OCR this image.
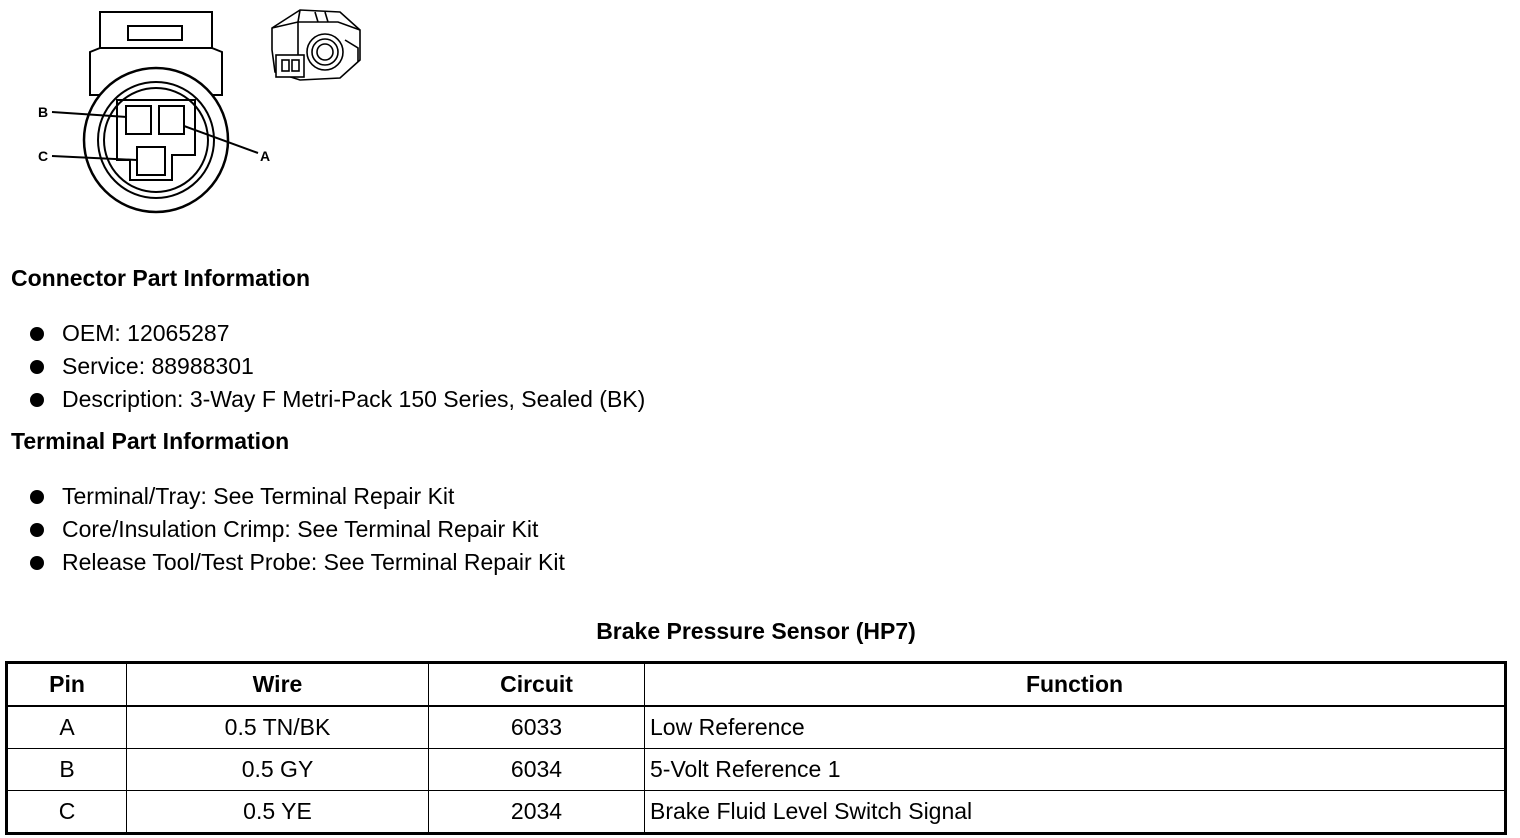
B
C	A
Connector Part Information
OEM: 12065287
Service: 88988301
Description: 3-Way F Metri-Pack 150 Series, Sealed (BK)
Terminal Part Information
Terminal/Tray: See Terminal Repair Kit
Core/Insulation Crimp: See Terminal Repair Kit
Release Tool/Test Probe: See Terminal Repair Kit
Brake Pressure Sensor (HP7)
Pin	Wire	Circuit	Function
A	0.5 TN/BK	6033	Low Reference
B	0.5 GY	6034	5-Volt Reference 1
C	0.5 YE	2034	Brake Fluid Level Switch Signal
